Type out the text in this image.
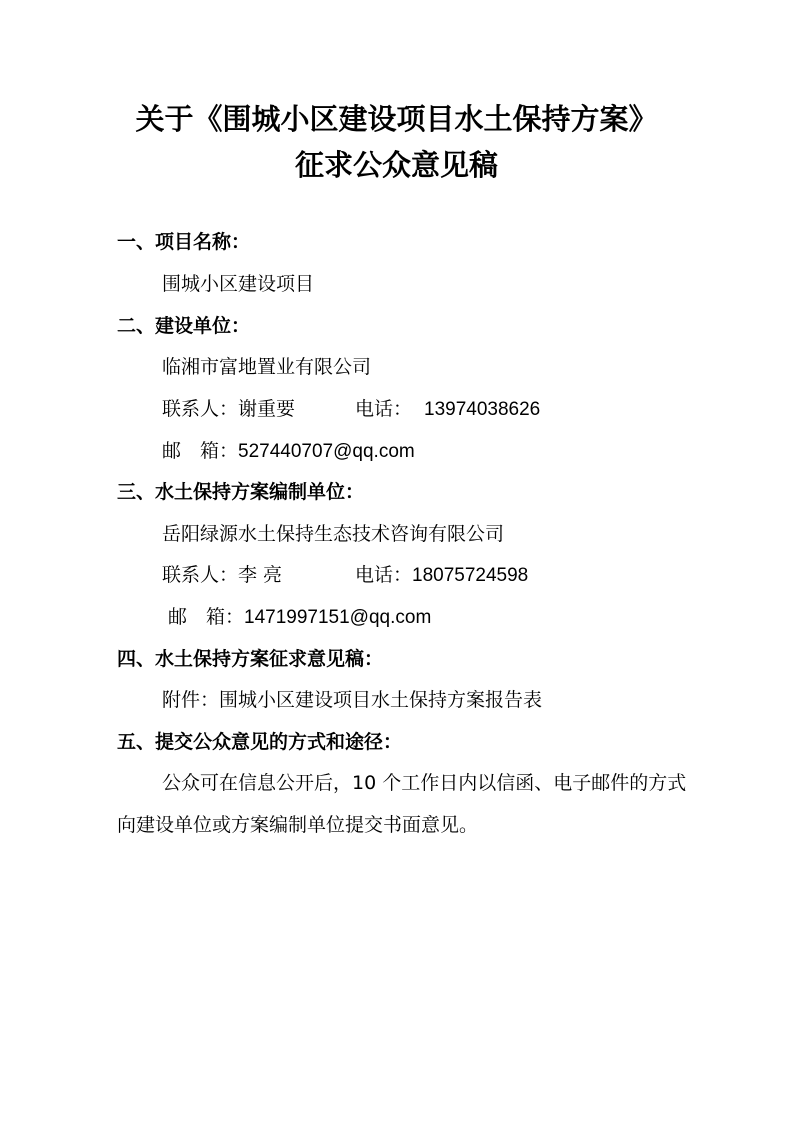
关于《围城小区建设项目水土保持方案》
征求公众意见稿
一、项目名称：
围城小区建设项目
二、建设单位：
临湘市富地置业有限公司
联系人：谢重要	电话： 13974038626
邮　箱：527440707@qq.com
三、水土保持方案编制单位：
岳阳绿源水土保持生态技术咨询有限公司
联系人：李 亮	电话：18075724598
邮　箱：1471997151@qq.com
四、水土保持方案征求意见稿：
附件：围城小区建设项目水土保持方案报告表
五、提交公众意见的方式和途径：
公众可在信息公开后，10 个工作日内以信函、电子邮件的方式向建设单位或方案编制单位提交书面意见。
